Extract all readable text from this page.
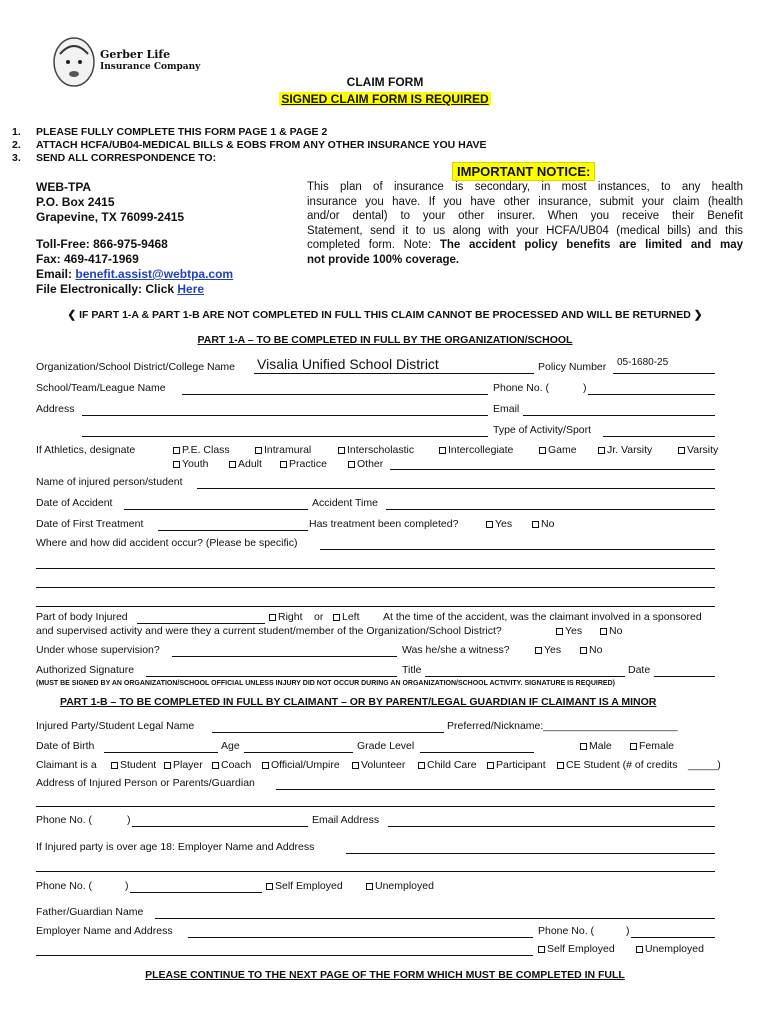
Gerber Life
Insurance Company
CLAIM FORM
SIGNED CLAIM FORM IS REQUIRED
1. PLEASE FULLY COMPLETE THIS FORM PAGE 1 & PAGE 2
2. ATTACH HCFA/UB04-MEDICAL BILLS & EOBS FROM ANY OTHER INSURANCE YOU HAVE
3. SEND ALL CORRESPONDENCE TO:
WEB-TPA
P.O. Box 2415
Grapevine, TX 76099-2415
Toll-Free: 866-975-9468
Fax: 469-417-1969
Email: benefit.assist@webtpa.com
File Electronically: Click Here
IMPORTANT NOTICE:
This plan of insurance is secondary, in most instances, to any health
insurance you have. If you have other insurance, submit your claim (health
and/or dental) to your other insurer. When you receive their Benefit
Statement, send it to us along with your HCFA/UB04 (medical bills) and this
completed form. Note: The accident policy benefits are limited and may
not provide 100% coverage.
❮ IF PART 1-A & PART 1-B ARE NOT COMPLETED IN FULL THIS CLAIM CANNOT BE PROCESSED AND WILL BE RETURNED ❯
PART 1-A – TO BE COMPLETED IN FULL BY THE ORGANIZATION/SCHOOL
Organization/School District/College Name Visalia Unified School District	Policy Number 05-1680-25
School/Team/League Name	Phone No. (	)
Address	Email
Type of Activity/Sport
If Athletics, designate	P.E. Class	Intramural	Interscholastic	Intercollegiate	Game	Jr. Varsity	Varsity
Youth	Adult	Practice	Other
Name of injured person/student
Date of Accident	Accident Time
Date of First Treatment	Has treatment been completed?	Yes	No
Where and how did accident occur? (Please be specific)
Part of body Injured	Right or	Left At the time of the accident, was the claimant involved in a sponsored
and supervised activity and were they a current student/member of the Organization/School District?	Yes	No
Under whose supervision?	Was he/she a witness?	Yes	No
Authorized Signature	Title	Date
(MUST BE SIGNED BY AN ORGANIZATION/SCHOOL OFFICIAL UNLESS INJURY DID NOT OCCUR DURING AN ORGANIZATION/SCHOOL ACTIVITY. SIGNATURE IS REQUIRED)
PART 1-B – TO BE COMPLETED IN FULL BY CLAIMANT – OR BY PARENT/LEGAL GUARDIAN IF CLAIMANT IS A MINOR
Injured Party/Student Legal Name	Preferred/Nickname:_______________________
Date of Birth	Age	Grade Level	Male	Female
Claimant is a	Student	Player	Coach	Official/Umpire	Volunteer	Child Care	Participant	CE Student (# of credits _____)
Address of Injured Person or Parents/Guardian
Phone No. (	)	Email Address
If Injured party is over age 18: Employer Name and Address
Phone No. (	)	Self Employed	Unemployed
Father/Guardian Name
Employer Name and Address	Phone No. (	)
Self Employed	Unemployed
PLEASE CONTINUE TO THE NEXT PAGE OF THE FORM WHICH MUST BE COMPLETED IN FULL
